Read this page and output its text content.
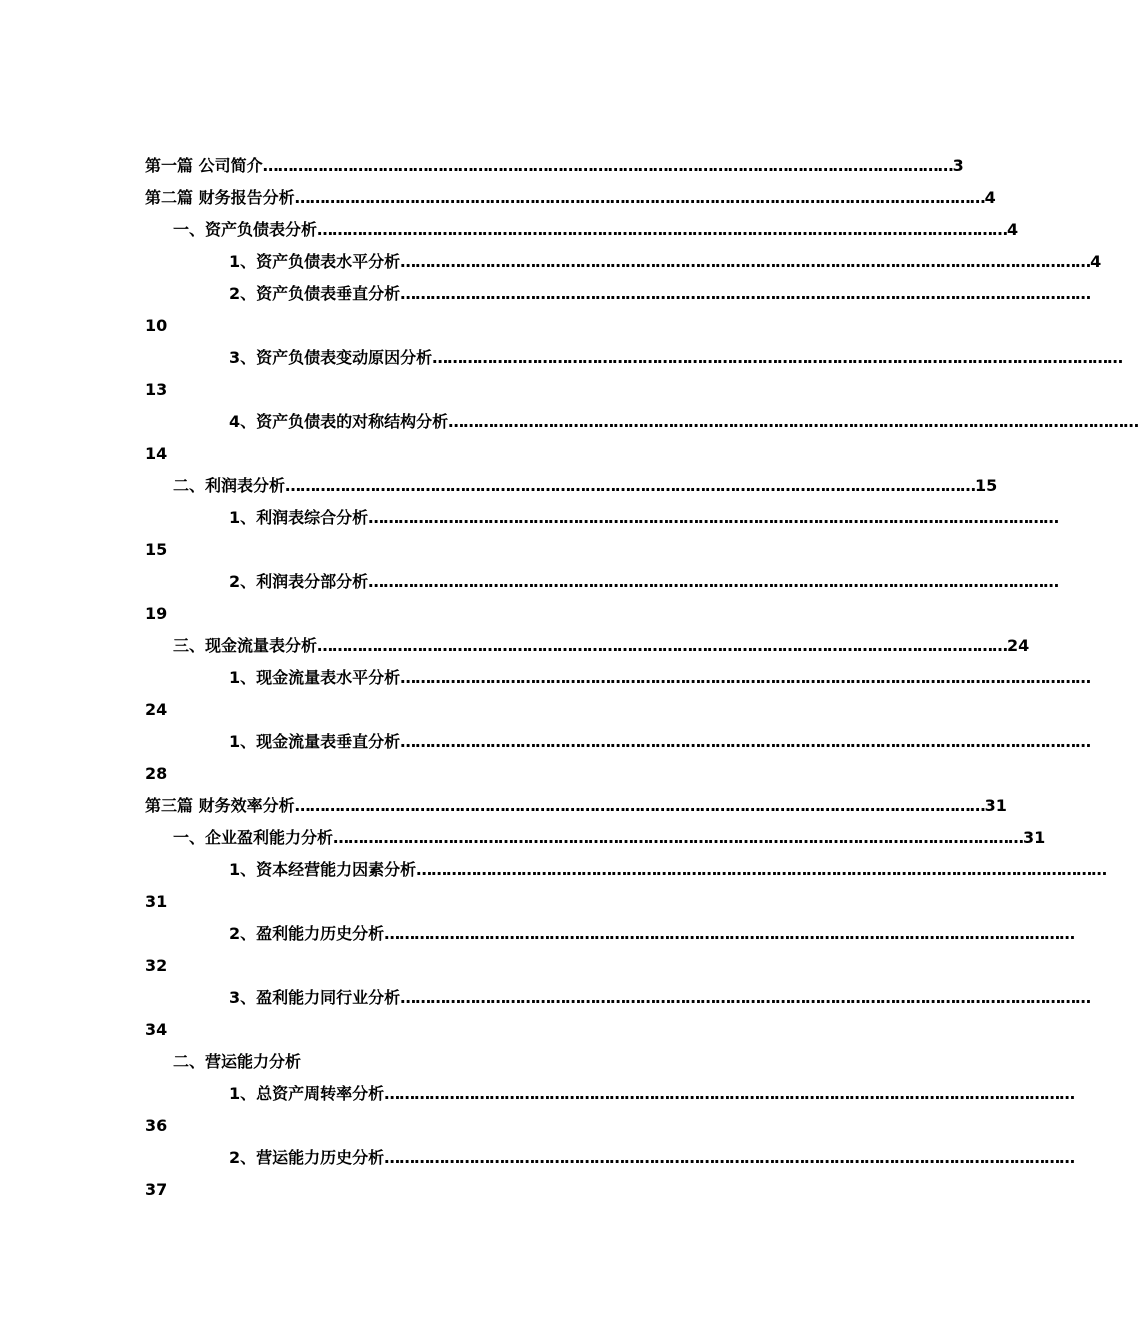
第一篇 公司简介 ………………………………………………………………………………………………………………………… 3
第二篇 财务报告分析 ………………………………………………………………………………………………………………………… 4
一、资产负债表分析 ………………………………………………………………………………………………………………………… 4
1、资产负债表水平分析 ………………………………………………………………………………………………………………………… 4
2、资产负债表垂直分析 …………………………………………………………………………………………………………………………
10
3、资产负债表变动原因分析 …………………………………………………………………………………………………………………………
13
4、资产负债表的对称结构分析 …………………………………………………………………………………………………………………………
14
二、利润表分析 ………………………………………………………………………………………………………………………… 15
1、利润表综合分析 …………………………………………………………………………………………………………………………
15
2、利润表分部分析 …………………………………………………………………………………………………………………………
19
三、现金流量表分析 ………………………………………………………………………………………………………………………… 24
1、现金流量表水平分析 …………………………………………………………………………………………………………………………
24
1、现金流量表垂直分析 …………………………………………………………………………………………………………………………
28
第三篇 财务效率分析 ………………………………………………………………………………………………………………………… 31
一、企业盈利能力分析 ………………………………………………………………………………………………………………………… 31
1、资本经营能力因素分析 …………………………………………………………………………………………………………………………
31
2、盈利能力历史分析 …………………………………………………………………………………………………………………………
32
3、盈利能力同行业分析 …………………………………………………………………………………………………………………………
34
二、营运能力分析
1、总资产周转率分析 …………………………………………………………………………………………………………………………
36
2、营运能力历史分析 …………………………………………………………………………………………………………………………
37
